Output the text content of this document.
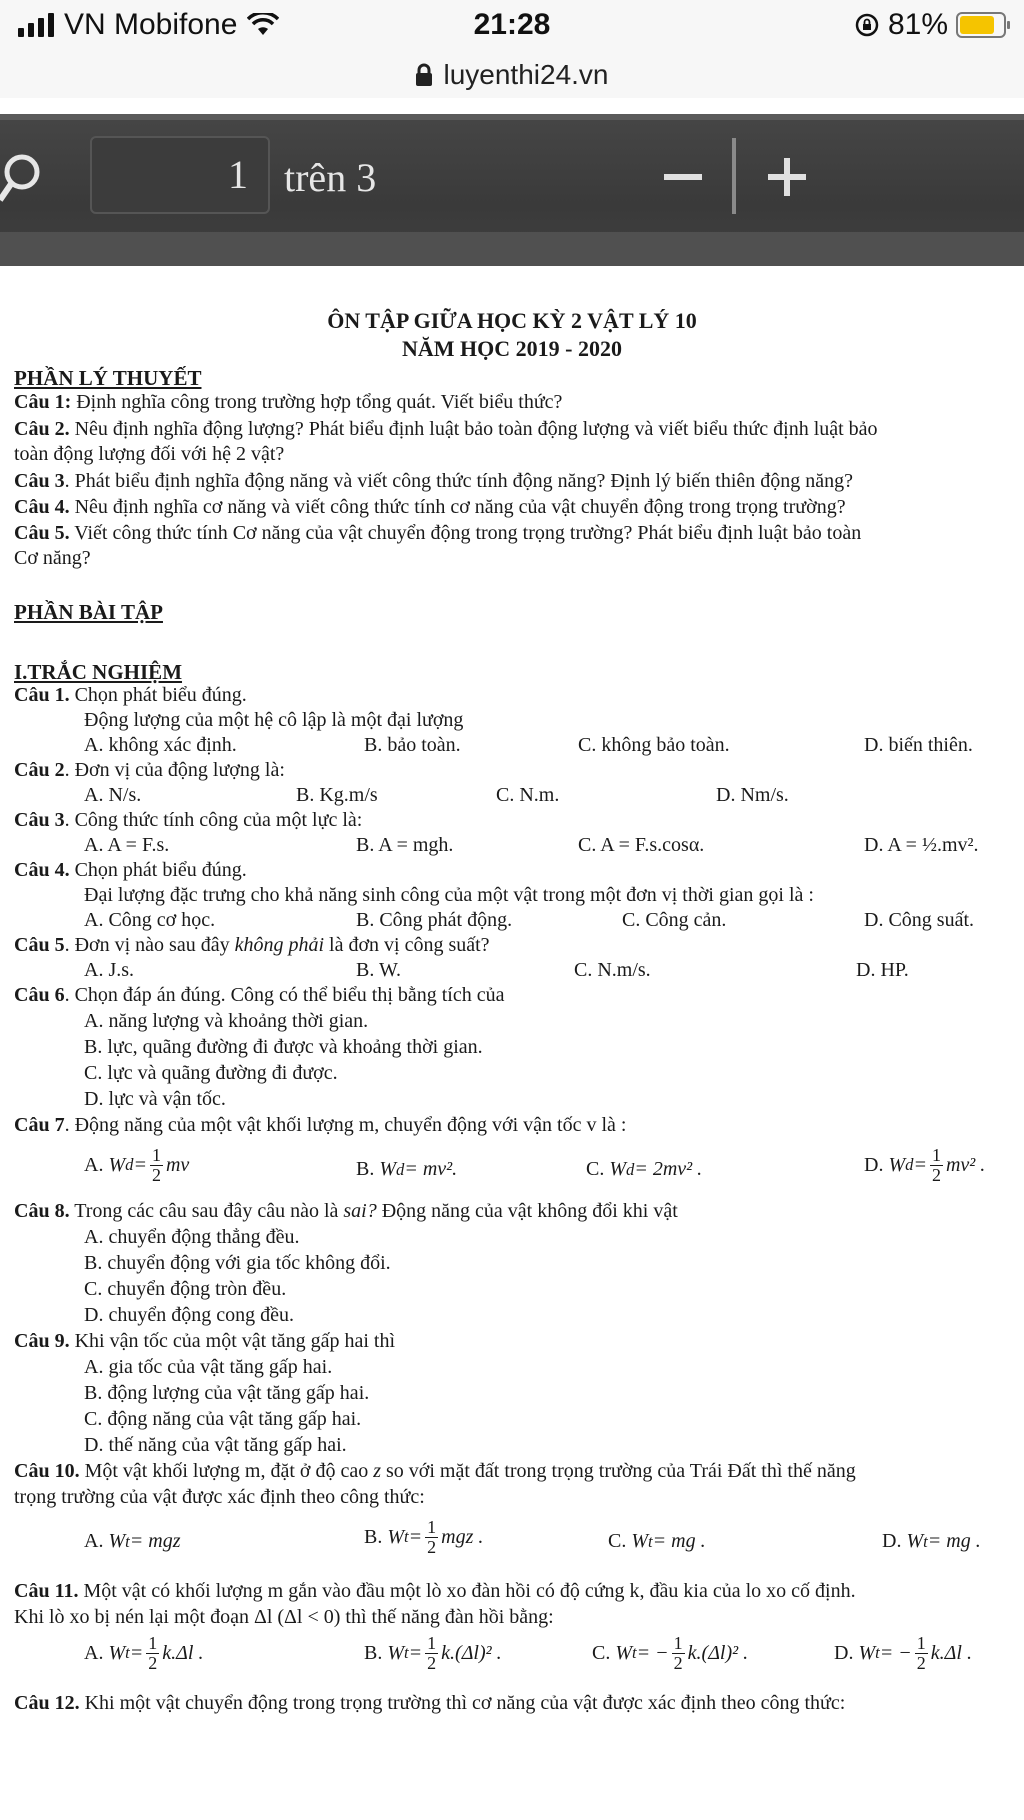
VN Mobifone	21:28	81%
luyenthi24.vn
1 trên 3
ÔN TẬP GIỮA HỌC KỲ 2 VẬT LÝ 10
NĂM HỌC 2019 - 2020
PHẦN LÝ THUYẾT
Câu 1: Định nghĩa công trong trường hợp tổng quát. Viết biểu thức?
Câu 2. Nêu định nghĩa động lượng? Phát biểu định luật bảo toàn động lượng và viết biểu thức định luật bảo
toàn động lượng đối với hệ 2 vật?
Câu 3. Phát biểu định nghĩa động năng và viết công thức tính động năng? Định lý biến thiên động năng?
Câu 4. Nêu định nghĩa cơ năng và viết công thức tính cơ năng của vật chuyển động trong trọng trường?
Câu 5. Viết công thức tính Cơ năng của vật chuyển động trong trọng trường? Phát biểu định luật bảo toàn
Cơ năng?
PHẦN BÀI TẬP
I.TRẮC NGHIỆM
Câu 1. Chọn phát biểu đúng.
Động lượng của một hệ cô lập là một đại lượng
A. không xác định.	B. bảo toàn.	C. không bảo toàn.	D. biến thiên.
Câu 2. Đơn vị của động lượng là:
A. N/s.	B. Kg.m/s	C. N.m.	D. Nm/s.
Câu 3. Công thức tính công của một lực là:
A. A = F.s.	B. A = mgh.	C. A = F.s.cosα.	D. A = ½.mv².
Câu 4. Chọn phát biểu đúng.
Đại lượng đặc trưng cho khả năng sinh công của một vật trong một đơn vị thời gian gọi là :
A. Công cơ học.	B. Công phát động.	C. Công cản.	D. Công suất.
Câu 5. Đơn vị nào sau đây không phải là đơn vị công suất?
A. J.s.	B. W.	C. N.m/s.	D. HP.
Câu 6. Chọn đáp án đúng. Công có thể biểu thị bằng tích của
A. năng lượng và khoảng thời gian.
B. lực, quãng đường đi được và khoảng thời gian.
C. lực và quãng đường đi được.
D. lực và vận tốc.
Câu 7. Động năng của một vật khối lượng m, chuyển động với vận tốc v là :
A.
W $d = \frac{1}{2}$ mv	B.
W d = mv².	C.
W d = 2mv² .	D.
W $d = \frac{1}{2} mv^2$ .
Câu 8. Trong các câu sau đây câu nào là sai? Động năng của vật không đổi khi vật
A. chuyển động thẳng đều.
B. chuyển động với gia tốc không đổi.
C. chuyển động tròn đều.
D. chuyển động cong đều.
Câu 9. Khi vận tốc của một vật tăng gấp hai thì
A. gia tốc của vật tăng gấp hai.
B. động lượng của vật tăng gấp hai.
C. động năng của vật tăng gấp hai.
D. thế năng của vật tăng gấp hai.
Câu 10. Một vật khối lượng m, đặt ở độ cao z so với mặt đất trong trọng trường của Trái Đất thì thế năng
trọng trường của vật được xác định theo công thức:
A.
W t = mgz	B.
W $t = \frac{1}{2}$ mgz .	C.
W t = mg .	D.
W t = mg .
Câu 11. Một vật có khối lượng m gắn vào đầu một lò xo đàn hồi có độ cứng k, đầu kia của lo xo cố định.
Khi lò xo bị nén lại một đoạn Δl (Δl < 0) thì thế năng đàn hồi bằng:
A.
W $t = \frac{1}{2} k.\Delta l$ .	B.
W $t = \frac{1}{2} k.(\Delta l)^2$ .	C.
W t = − $\frac{1}{2} k.(\Delta l)^2$ .	D.
W t = − $\frac{1}{2} k.\Delta l$ .
Câu 12. Khi một vật chuyển động trong trọng trường thì cơ năng của vật được xác định theo công thức:
